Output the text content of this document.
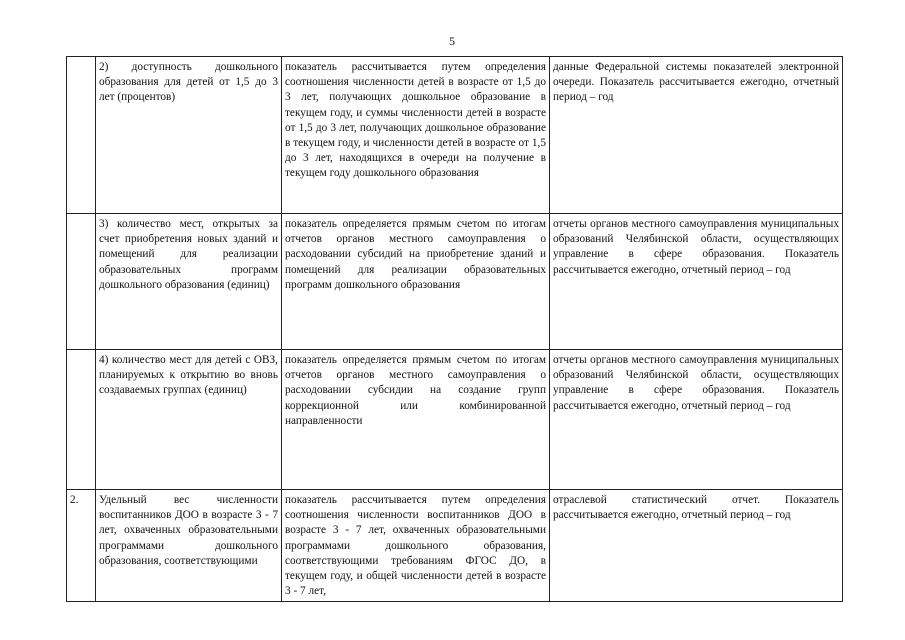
5
	2) доступность дошкольного образования для детей от 1,5 до 3 лет (процентов)	показатель рассчитывается путем определения соотношения численности детей в возрасте от 1,5 до 3 лет, получающих дошкольное образование в текущем году, и суммы численности детей в возрасте от 1,5 до 3 лет, получающих дошкольное образование в текущем году, и численности детей в возрасте от 1,5 до 3 лет, находящихся в очереди на получение в текущем году дошкольного образования	данные Федеральной системы показателей электронной очереди. Показатель рассчитывается ежегодно, отчетный период – год
	3) количество мест, открытых за счет приобретения новых зданий и помещений для реализации образовательных программ дошкольного образования (единиц)	показатель определяется прямым счетом по итогам отчетов органов местного самоуправления о расходовании субсидий на приобретение зданий и помещений для реализации образовательных программ дошкольного образования	отчеты органов местного самоуправления муниципальных образований Челябинской области, осуществляющих управление в сфере образования. Показатель рассчитывается ежегодно, отчетный период – год
	4) количество мест для детей с ОВЗ, планируемых к открытию во вновь создаваемых группах (единиц)	показатель определяется прямым счетом по итогам отчетов органов местного самоуправления о расходовании субсидии на создание групп коррекционной или комбинированной направленности	отчеты органов местного самоуправления муниципальных образований Челябинской области, осуществляющих управление в сфере образования. Показатель рассчитывается ежегодно, отчетный период – год
2.	Удельный вес численности воспитанников ДОО в возрасте 3 - 7 лет, охваченных образовательными программами дошкольного образования, соответствующими	показатель рассчитывается путем определения соотношения численности воспитанников ДОО в возрасте 3 - 7 лет, охваченных образовательными программами дошкольного образования, соответствующими требованиям ФГОС ДО, в текущем году, и общей численности детей в возрасте 3 - 7 лет,	отраслевой статистический отчет. Показатель рассчитывается ежегодно, отчетный период – год
